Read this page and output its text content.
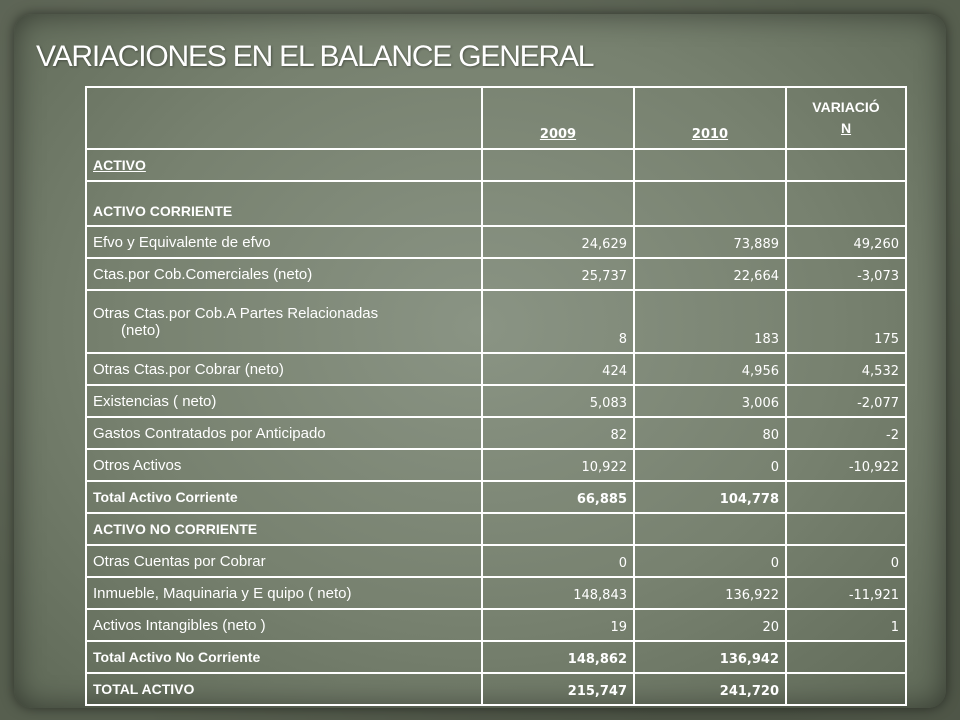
VARIACIONES EN EL BALANCE GENERAL
	2009	2010	VARIACIÓ
N
ACTIVO			
ACTIVO CORRIENTE			
Efvo y Equivalente de efvo	24,629	73,889	49,260
Ctas.por Cob.Comerciales (neto)	25,737	22,664	-3,073
Otras Ctas.por Cob.A Partes Relacionadas
(neto)	8	183	175
Otras Ctas.por Cobrar (neto)	424	4,956	4,532
Existencias ( neto)	5,083	3,006	-2,077
Gastos Contratados por Anticipado	82	80	-2
Otros Activos	10,922	0	-10,922
Total Activo Corriente	66,885	104,778	
ACTIVO NO CORRIENTE			
Otras Cuentas por Cobrar	0	0	0
Inmueble, Maquinaria y E quipo ( neto)	148,843	136,922	-11,921
Activos Intangibles (neto )	19	20	1
Total Activo No Corriente	148,862	136,942	
TOTAL ACTIVO	215,747	241,720	
